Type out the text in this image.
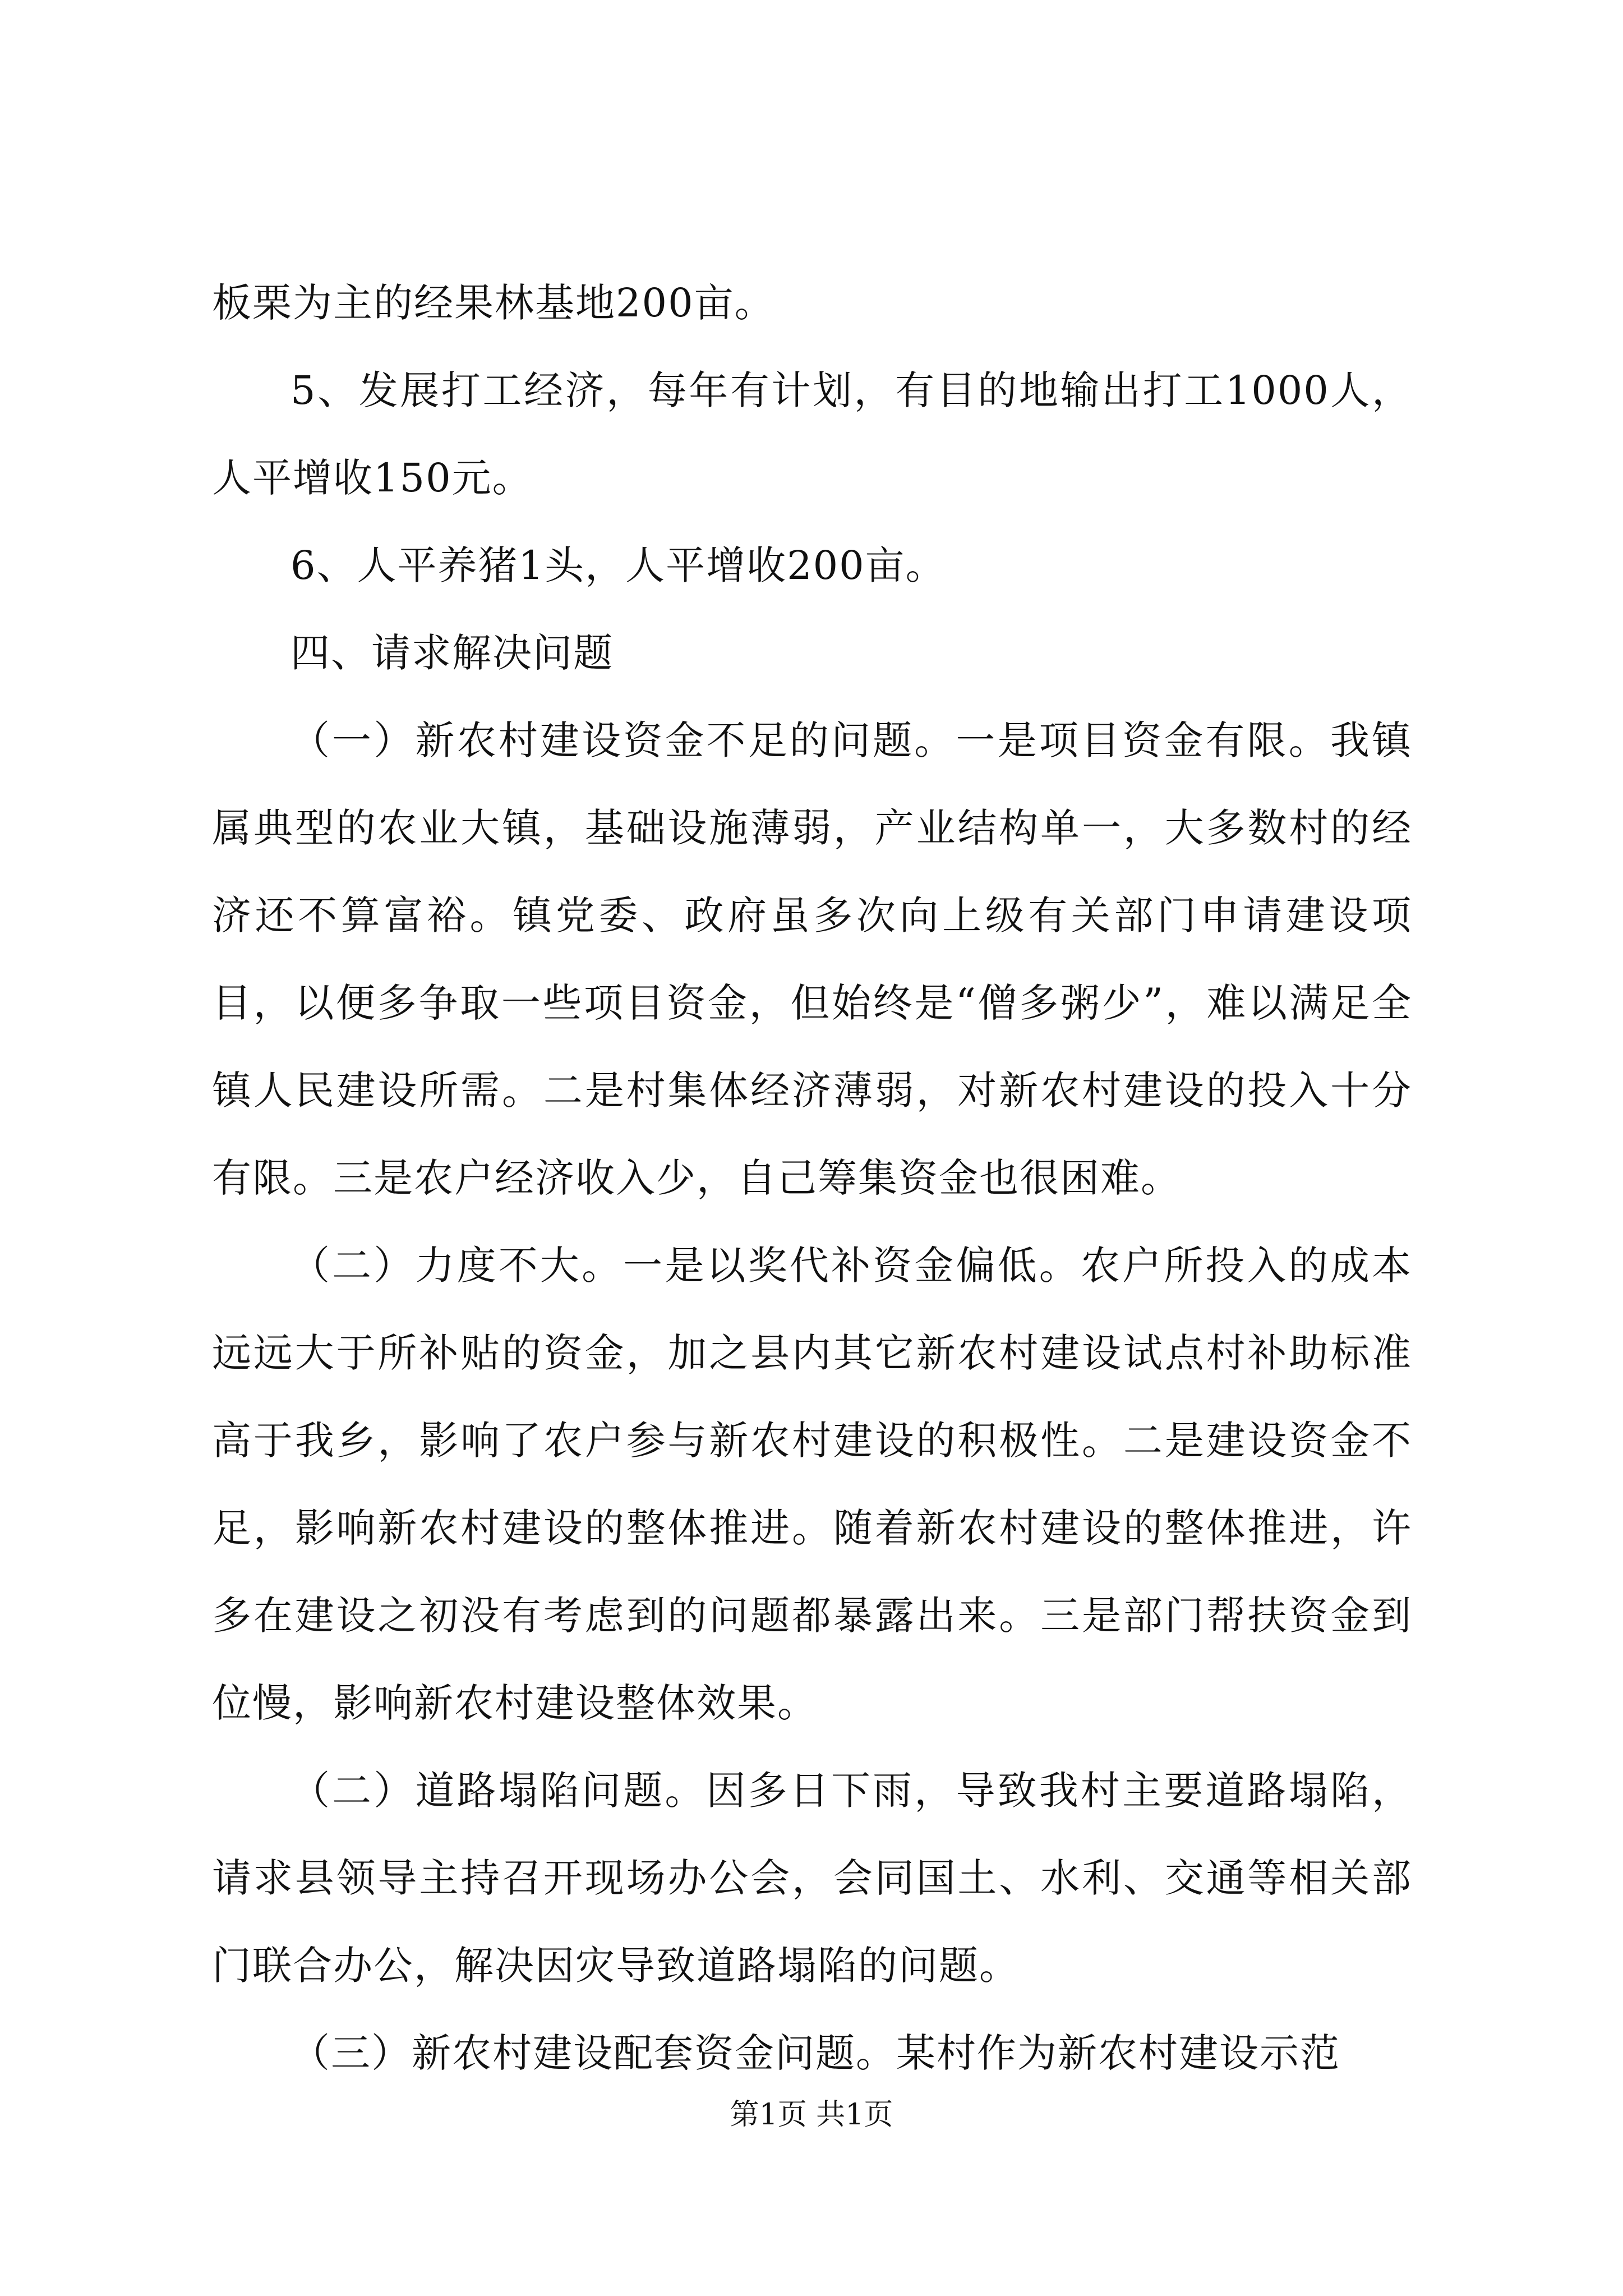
板栗为主的经果林基地200亩。

5、发展打工经济，每年有计划，有目的地输出打工1000人，人平增收150元。

6、人平养猪1头，人平增收200亩。

四、请求解决问题

（一）新农村建设资金不足的问题。一是项目资金有限。我镇属典型的农业大镇，基础设施薄弱，产业结构单一，大多数村的经济还不算富裕。镇党委、政府虽多次向上级有关部门申请建设项目，以便多争取一些项目资金，但始终是“僧多粥少”，难以满足全镇人民建设所需。二是村集体经济薄弱，对新农村建设的投入十分有限。三是农户经济收入少，自己筹集资金也很困难。

（二）力度不大。一是以奖代补资金偏低。农户所投入的成本远远大于所补贴的资金，加之县内其它新农村建设试点村补助标准高于我乡，影响了农户参与新农村建设的积极性。二是建设资金不足，影响新农村建设的整体推进。随着新农村建设的整体推进，许多在建设之初没有考虑到的问题都暴露出来。三是部门帮扶资金到位慢，影响新农村建设整体效果。

（二）道路塌陷问题。因多日下雨，导致我村主要道路塌陷，请求县领导主持召开现场办公会，会同国土、水利、交通等相关部门联合办公，解决因灾导致道路塌陷的问题。

（三）新农村建设配套资金问题。某村作为新农村建设示范

第1页 共1页
